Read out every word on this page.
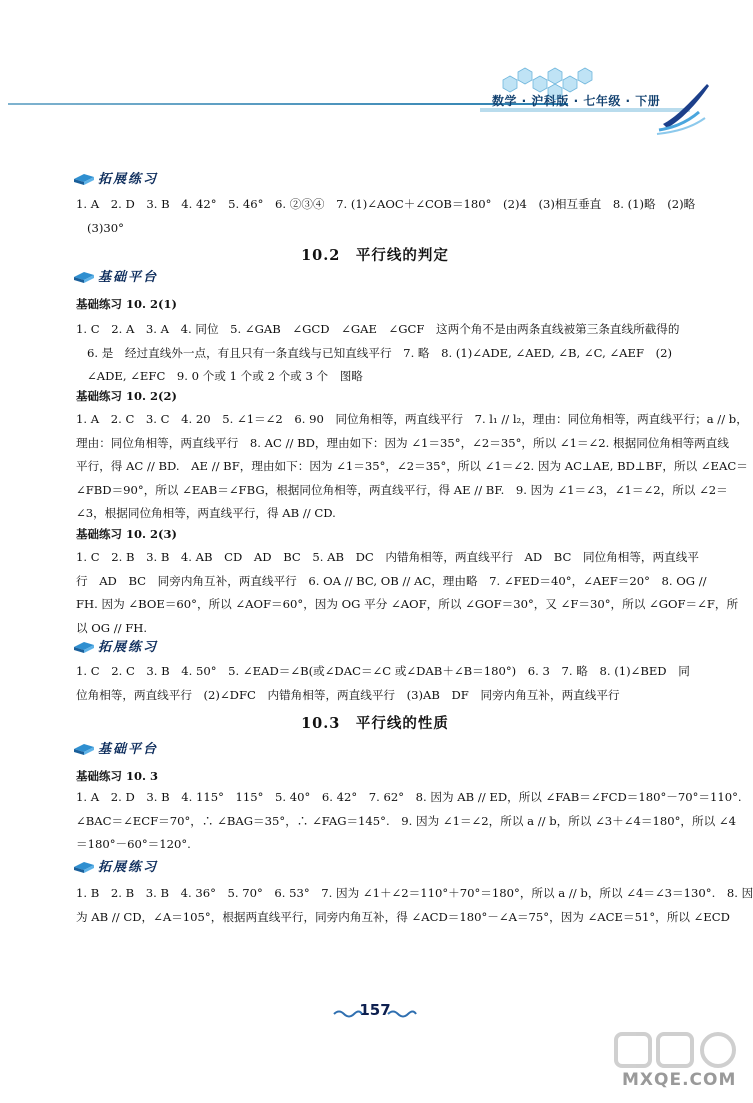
数学 · 沪科版 · 七年级 · 下册
拓展练习
1. A　2. D　3. B　4. 42°　5. 46°　6. ②③④　7. (1)∠AOC＋∠COB＝180°　(2)4　(3)相互垂直　8. (1)略　(2)略
(3)30°
10.2　平行线的判定
基础平台
基础练习 10. 2(1)
1. C　2. A　3. A　4. 同位　5. ∠GAB　∠GCD　∠GAE　∠GCF　这两个角不是由两条直线被第三条直线所截得的
6. 是　经过直线外一点，有且只有一条直线与已知直线平行　7. 略　8. (1)∠ADE, ∠AED, ∠B, ∠C, ∠AEF　(2)
∠ADE, ∠EFC　9. 0 个或 1 个或 2 个或 3 个　图略
基础练习 10. 2(2)
1. A　2. C　3. C　4. 20　5. ∠1＝∠2　6. 90　同位角相等，两直线平行　7. l₁ // l₂，理由：同位角相等，两直线平行；a // b，
理由：同位角相等，两直线平行　8. AC // BD，理由如下：因为 ∠1＝35°，∠2＝35°，所以 ∠1＝∠2. 根据同位角相等两直线
平行，得 AC // BD.　AE // BF，理由如下：因为 ∠1＝35°，∠2＝35°，所以 ∠1＝∠2. 因为 AC⊥AE, BD⊥BF，所以 ∠EAC＝
∠FBD＝90°，所以 ∠EAB＝∠FBG，根据同位角相等，两直线平行，得 AE // BF.　9. 因为 ∠1＝∠3，∠1＝∠2，所以 ∠2＝
∠3，根据同位角相等，两直线平行，得 AB // CD.
基础练习 10. 2(3)
1. C　2. B　3. B　4. AB　CD　AD　BC　5. AB　DC　内错角相等，两直线平行　AD　BC　同位角相等，两直线平
行　AD　BC　同旁内角互补，两直线平行　6. OA // BC, OB // AC，理由略　7. ∠FED＝40°，∠AEF＝20°　8. OG //
FH. 因为 ∠BOE＝60°，所以 ∠AOF＝60°，因为 OG 平分 ∠AOF，所以 ∠GOF＝30°，又 ∠F＝30°，所以 ∠GOF＝∠F，所
以 OG // FH.
拓展练习
1. C　2. C　3. B　4. 50°　5. ∠EAD＝∠B(或∠DAC＝∠C 或∠DAB＋∠B＝180°)　6. 3　7. 略　8. (1)∠BED　同
位角相等，两直线平行　(2)∠DFC　内错角相等，两直线平行　(3)AB　DF　同旁内角互补，两直线平行
10.3　平行线的性质
基础平台
基础练习 10. 3
1. A　2. D　3. B　4. 115°　115°　5. 40°　6. 42°　7. 62°　8. 因为 AB // ED，所以 ∠FAB＝∠FCD＝180°－70°＝110°.
∠BAC＝∠ECF＝70°，∴ ∠BAG＝35°，∴ ∠FAG＝145°.　9. 因为 ∠1＝∠2，所以 a // b，所以 ∠3＋∠4＝180°，所以 ∠4
＝180°－60°＝120°.
拓展练习
1. B　2. B　3. B　4. 36°　5. 70°　6. 53°　7. 因为 ∠1＋∠2＝110°＋70°＝180°，所以 a // b，所以 ∠4＝∠3＝130°.　8. 因
为 AB // CD，∠A＝105°，根据两直线平行，同旁内角互补，得 ∠ACD＝180°－∠A＝75°，因为 ∠ACE＝51°，所以 ∠ECD
157
MXQE.COM
